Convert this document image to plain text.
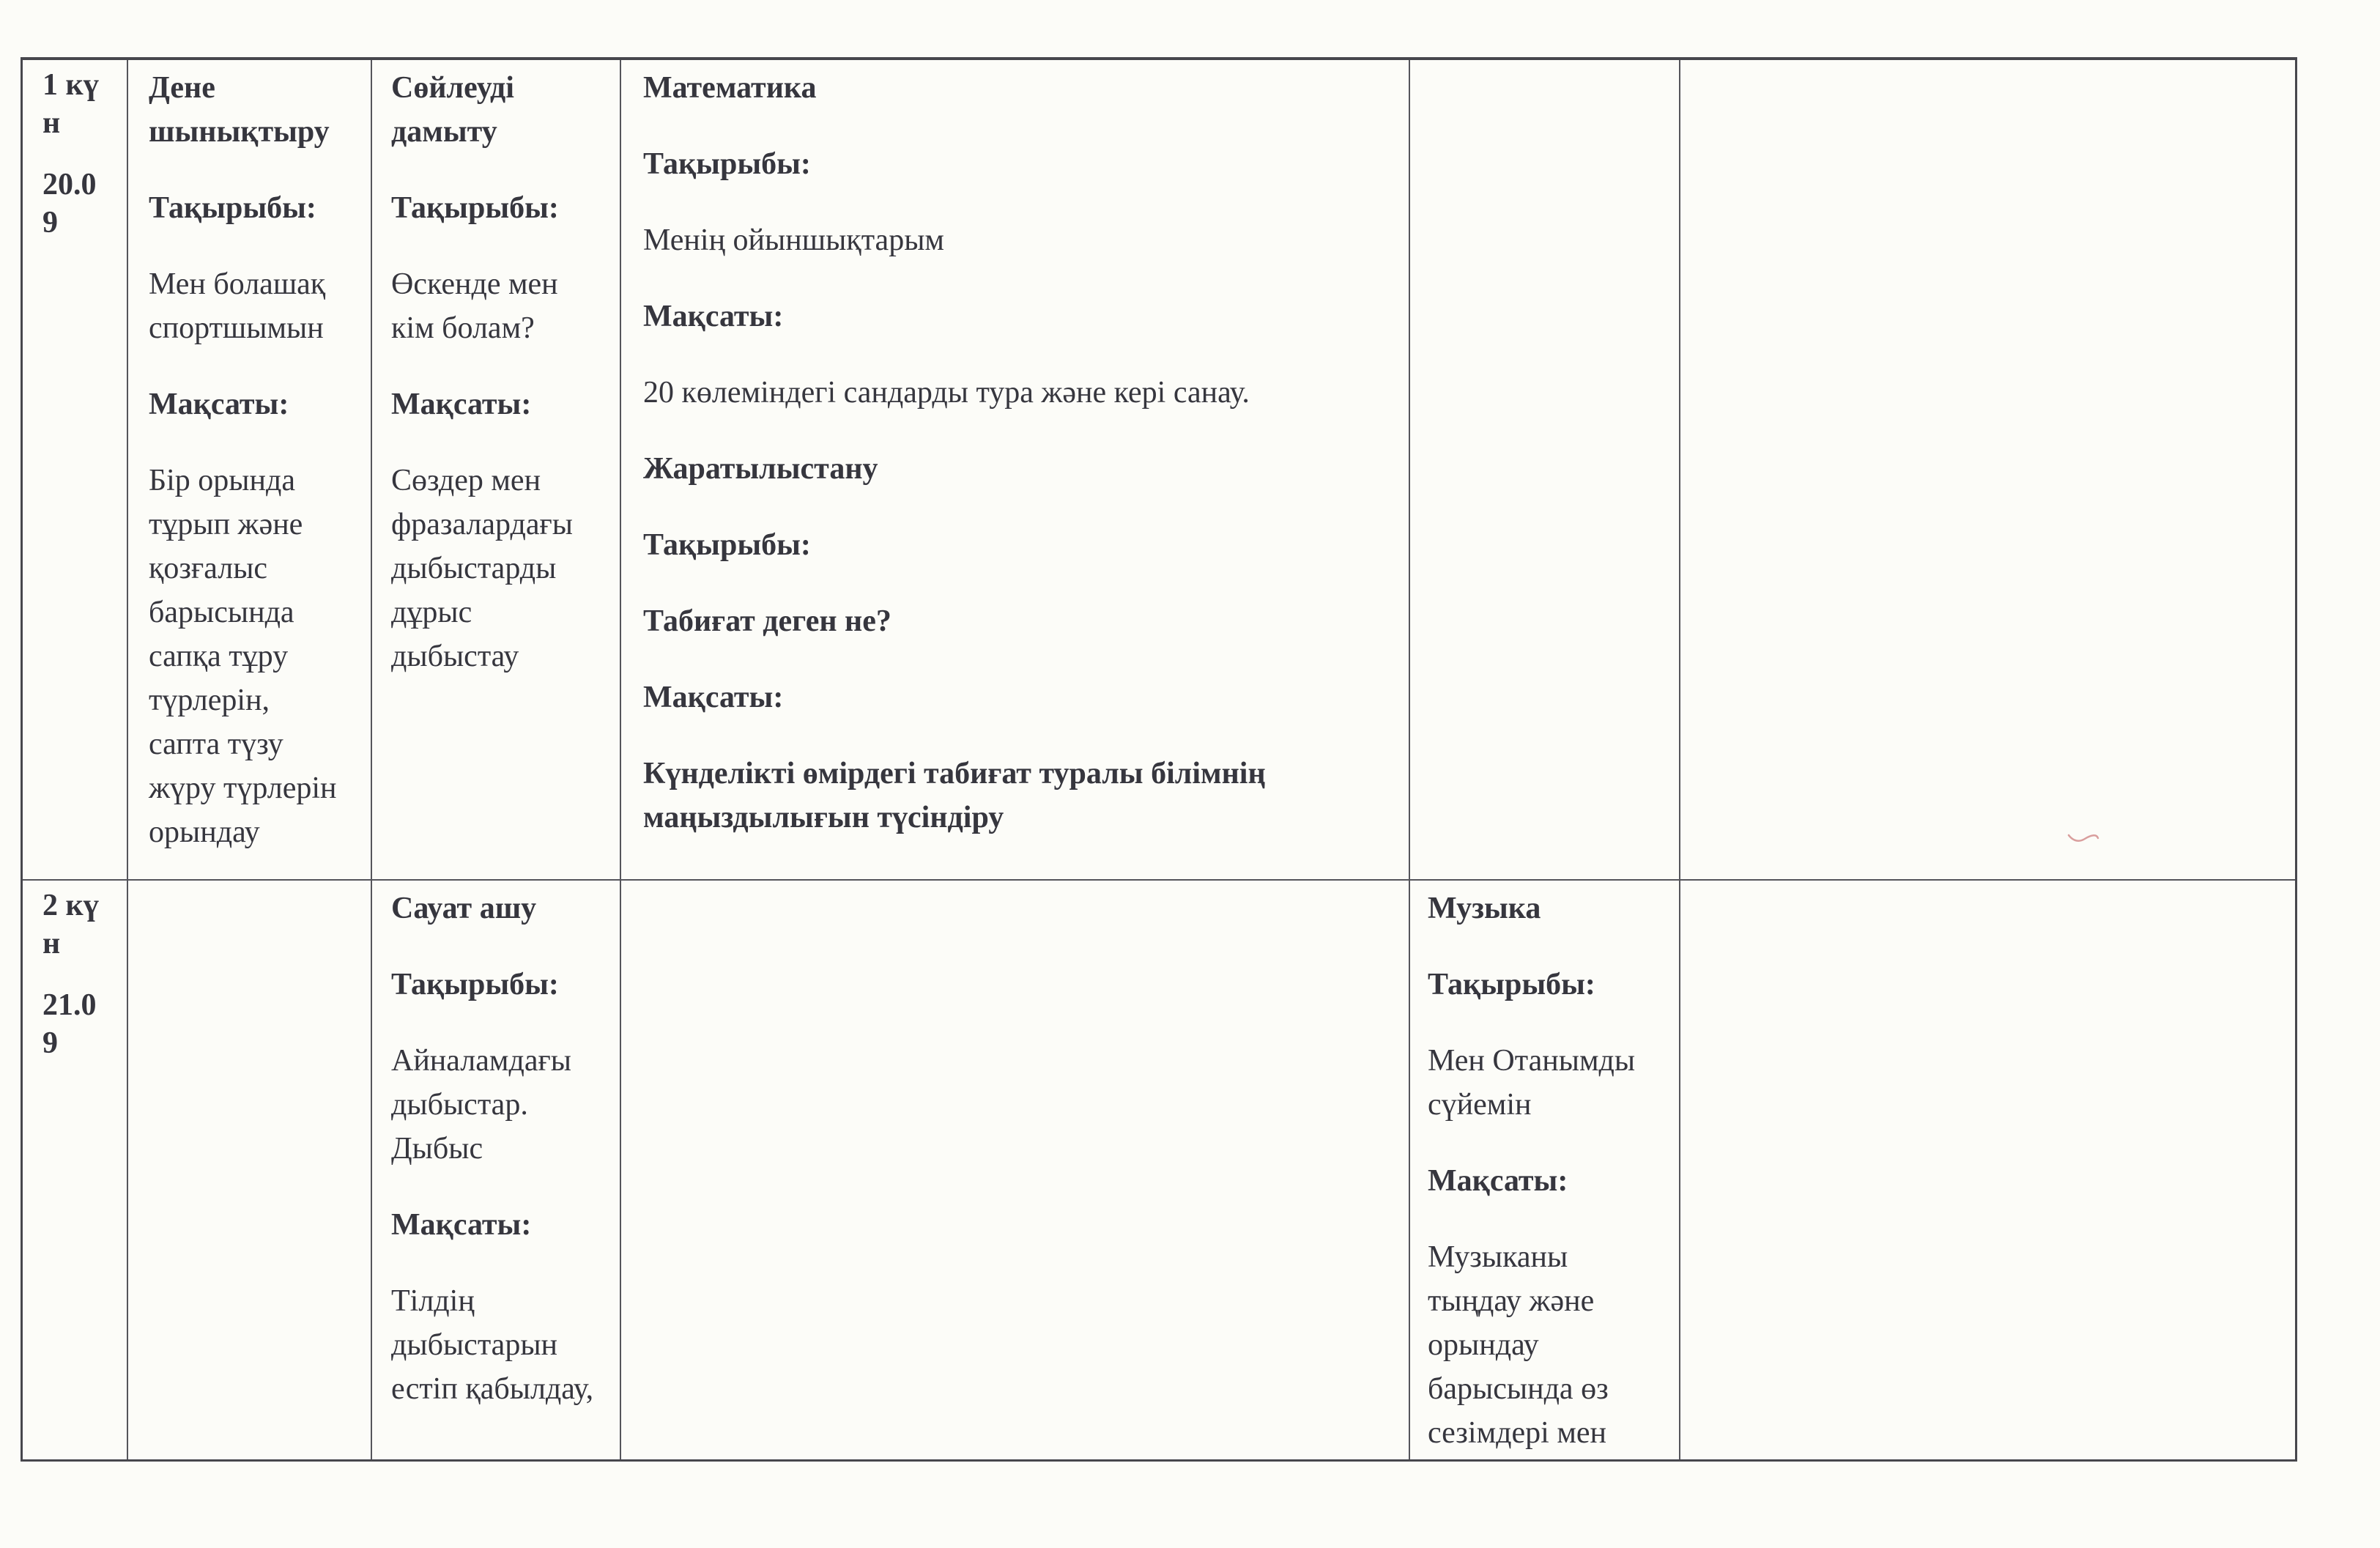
1 күн

20.09

Дене шынықтыру

Тақырыбы:

Мен болашақ спортшымын

Мақсаты:

Бір орында тұрып және қозғалыс барысында сапқа тұру түрлерін, сапта түзу жүру түрлерін орындау

Сөйлеуді дамыту

Тақырыбы:

Өскенде мен кім болам?

Мақсаты:

Сөздер мен фразалардағы дыбыстарды дұрыс дыбыстау

Математика

Тақырыбы:

Менің ойыншықтарым

Мақсаты:

20 көлеміндегі сандарды тура және кері санау.

Жаратылыстану

Тақырыбы:

Табиғат деген не?

Мақсаты:

Күнделікті өмірдегі табиғат туралы білімнің маңыздылығын түсіндіру

2 күн

21.09

Сауат ашу

Тақырыбы:

Айналамдағы дыбыстар. Дыбыс

Мақсаты:

Тілдің дыбыстарын естіп қабылдау,

Музыка

Тақырыбы:

Мен Отанымды сүйемін

Мақсаты:

Музыканы тыңдау және орындау барысында өз сезімдері мен
